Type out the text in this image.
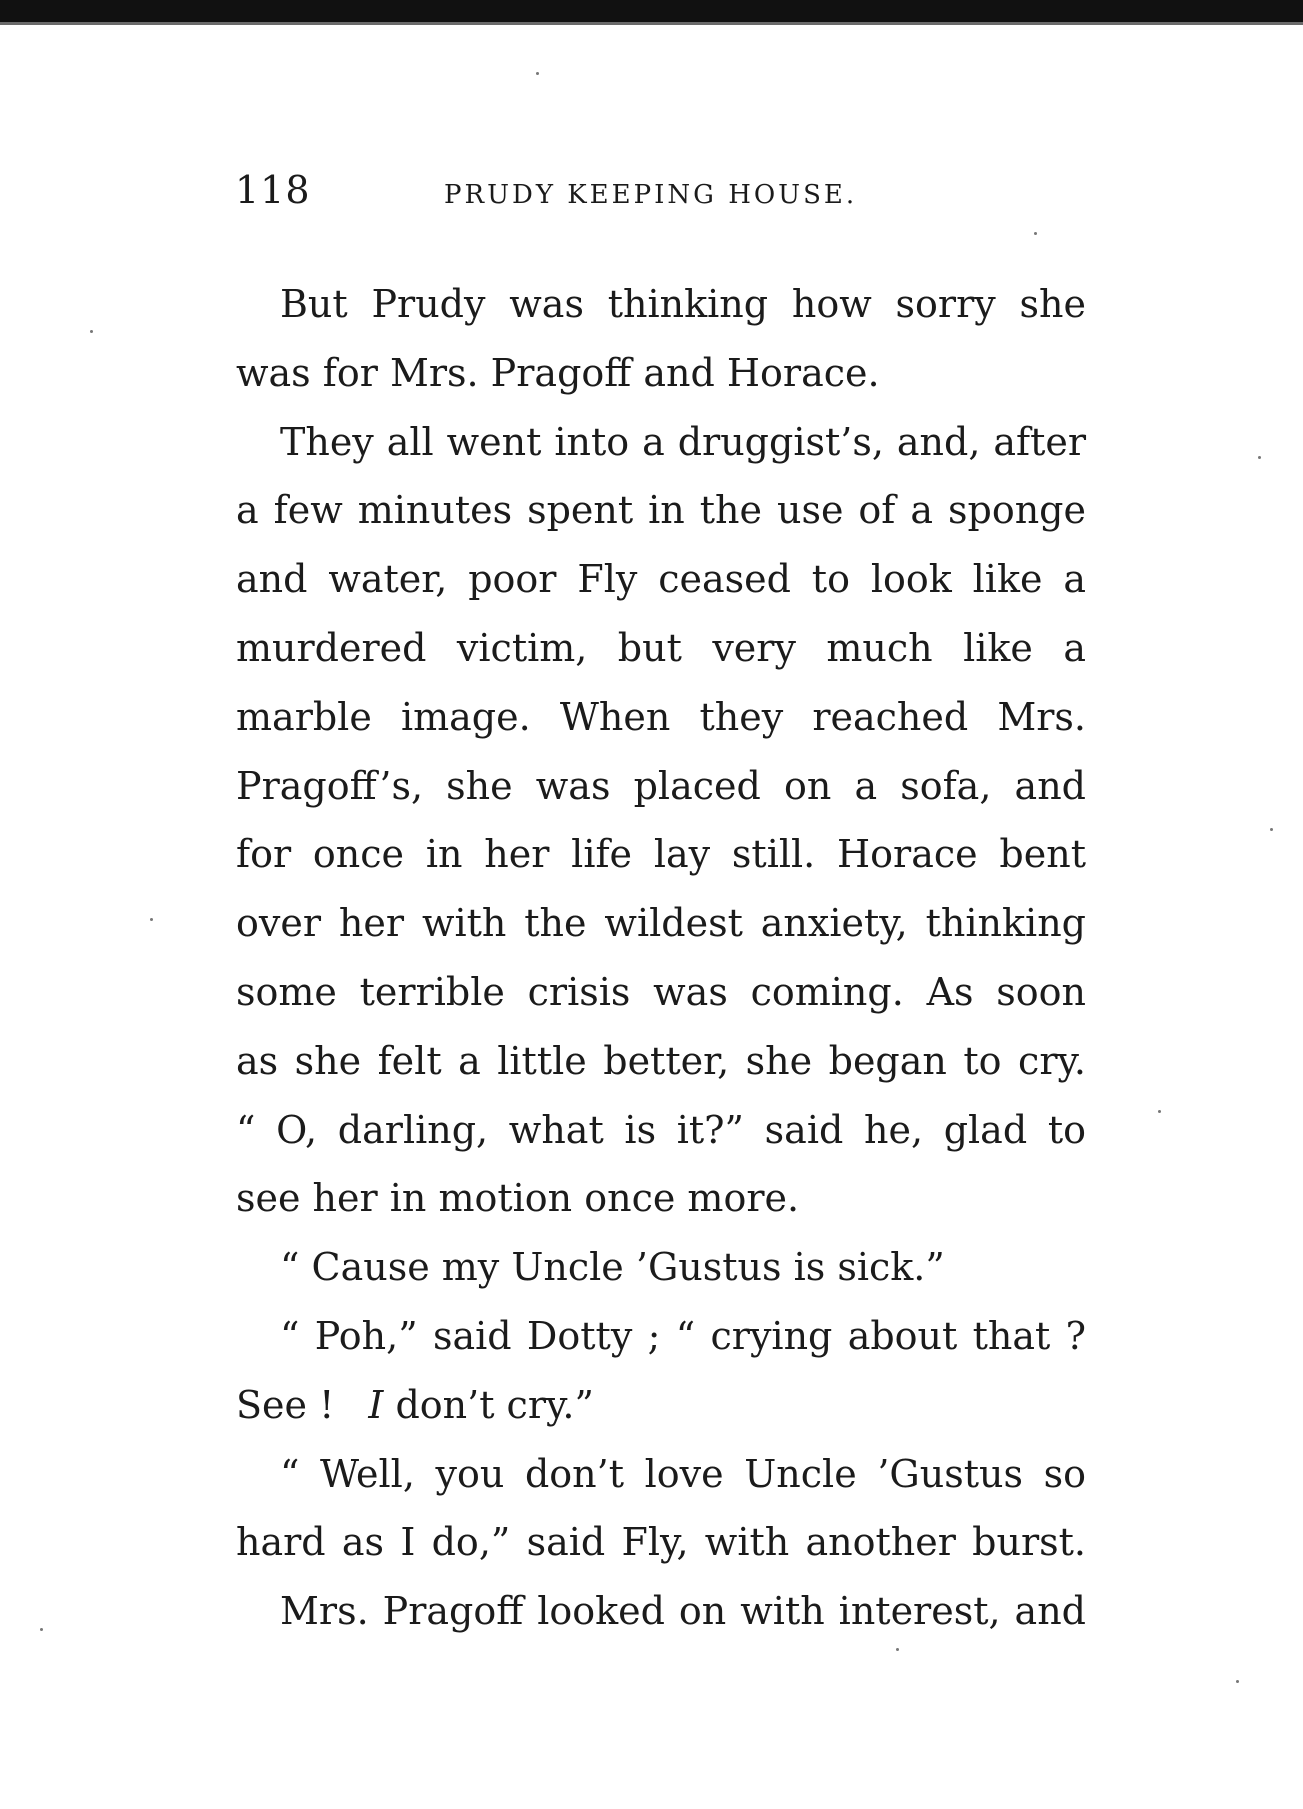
118	PRUDY KEEPING HOUSE.
But Prudy was thinking how sorry she
was for Mrs. Pragoff and Horace.
They all went into a druggist’s, and, after
a few minutes spent in the use of a sponge
and water, poor Fly ceased to look like a
murdered victim, but very much like a
marble image. When they reached Mrs.
Pragoff’s, she was placed on a sofa, and
for once in her life lay still. Horace bent
over her with the wildest anxiety, thinking
some terrible crisis was coming. As soon
as she felt a little better, she began to cry.
“ O, darling, what is it?” said he, glad to
see her in motion once more.
“ Cause my Uncle ’Gustus is sick.”
“ Poh,” said Dotty ; “ crying about that ?
See ! I don’t cry.”
“ Well, you don’t love Uncle ’Gustus so
hard as I do,” said Fly, with another burst.
Mrs. Pragoff looked on with interest, and
